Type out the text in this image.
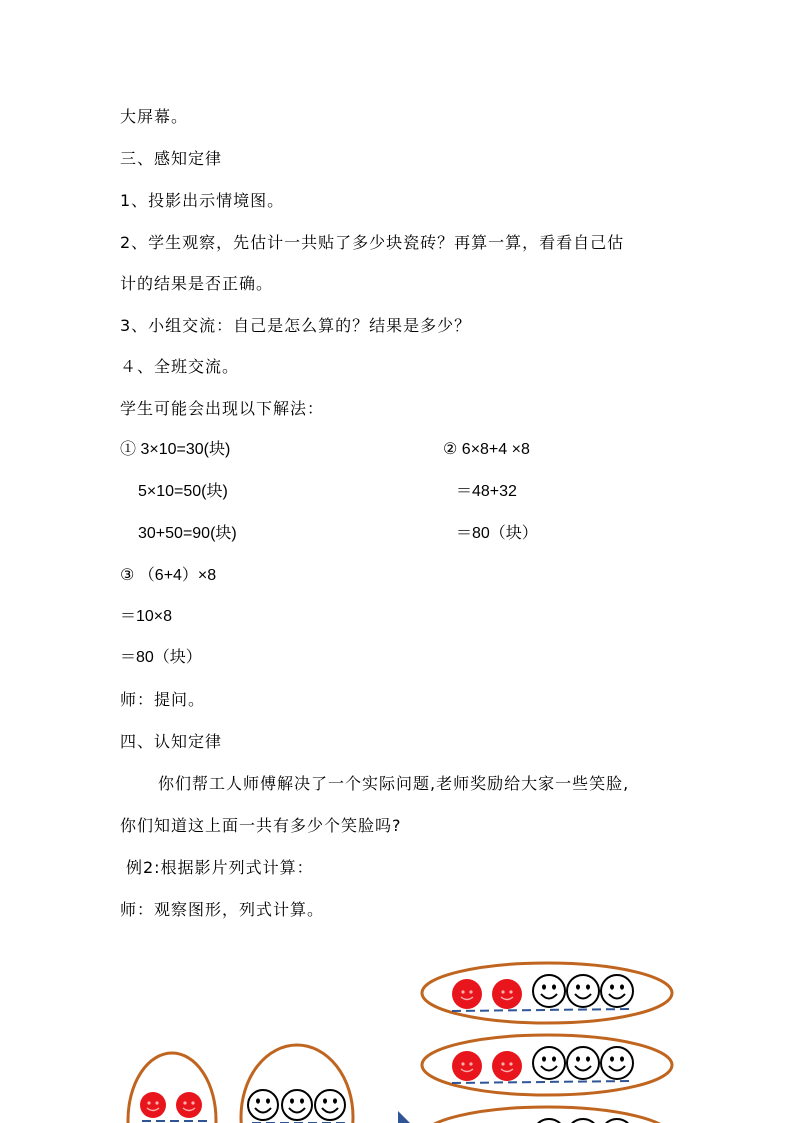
大屏幕。
三、感知定律
1、投影出示情境图。
2、学生观察，先估计一共贴了多少块瓷砖？再算一算，看看自己估
计的结果是否正确。
3、小组交流：自己是怎么算的？结果是多少？
４、全班交流。
学生可能会出现以下解法：
① 3×10=30(块)
5×10=50(块)
30+50=90(块)
② 6×8+4 ×8
＝48+32
＝80（块）
③ （6+4）×8
＝10×8
＝80（块）
师：提问。
四、认知定律
你们帮工人师傅解决了一个实际问题,老师奖励给大家一些笑脸,
你们知道这上面一共有多少个笑脸吗?
例2:根据影片列式计算：
师：观察图形，列式计算。
